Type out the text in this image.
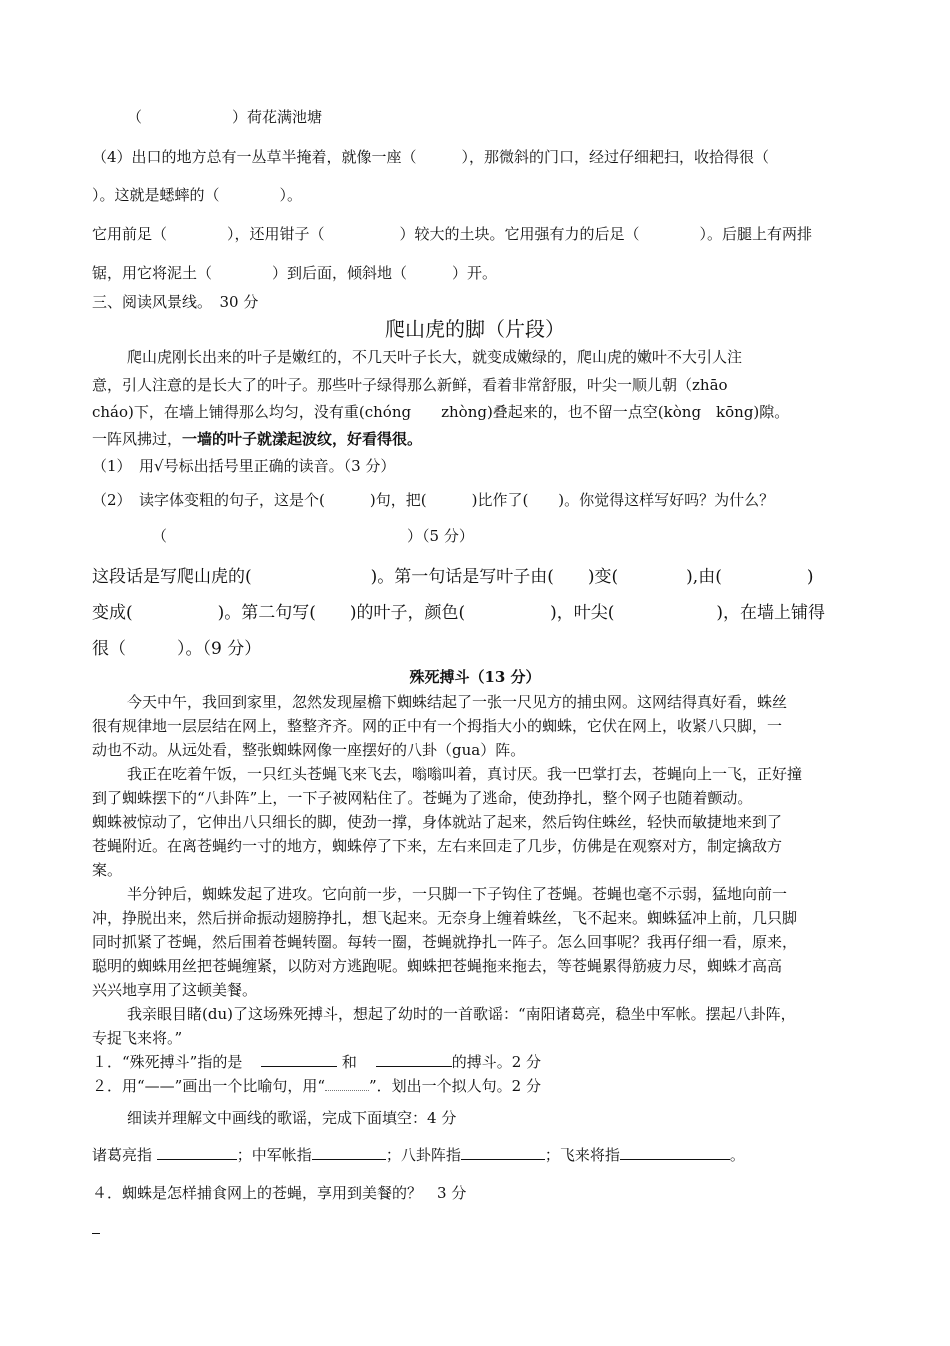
（　　　　　　）荷花满池塘
（4）出口的地方总有一丛草半掩着，就像一座（　　　），那微斜的门口，经过仔细耙扫，收拾得很（
）。这就是蟋蟀的（　　　　）。
它用前足（　　　　），还用钳子（　　　　　）较大的土块。它用强有力的后足（　　　　）。后腿上有两排
锯，用它将泥土（　　　　）到后面，倾斜地（　　　）开。
三、阅读风景线。　30 分
爬山虎的脚（片段）
爬山虎刚长出来的叶子是嫩红的，不几天叶子长大，就变成嫩绿的，爬山虎的嫩叶不大引人注
意，引人注意的是长大了的叶子。那些叶子绿得那么新鲜，看着非常舒服，叶尖一顺儿朝（zhāo
cháo)下，在墙上铺得那么均匀，没有重(chóng　　zhòng)叠起来的，也不留一点空(kòng　kōng)隙。
一阵风拂过，一墙的叶子就漾起波纹，好看得很。
（1）　用√号标出括号里正确的读音。（3 分）
（2）　读字体变粗的句子，这是个(　　　)句，把(　　　)比作了(　　)。你觉得这样写好吗？为什么？
（　　　　　　　　　　　　　　　　）（5 分）
这段话是写爬山虎的(　　　　　　　)。第一句话是写叶子由(　　)变(　　　　),由(　　　　　)
变成(　　　　　)。第二句写(　　)的叶子，颜色(　　　　　)，叶尖(　　　　　　)，在墙上铺得
很（　　　）。（9 分）
殊死搏斗（13 分）
今天中午，我回到家里，忽然发现屋檐下蜘蛛结起了一张一尺见方的捕虫网。这网结得真好看，蛛丝
很有规律地一层层结在网上，整整齐齐。网的正中有一个拇指大小的蜘蛛，它伏在网上，收紧八只脚，一
动也不动。从远处看，整张蜘蛛网像一座摆好的八卦（gua）阵。
我正在吃着午饭，一只红头苍蝇飞来飞去，嗡嗡叫着，真讨厌。我一巴掌打去，苍蝇向上一飞，正好撞
到了蜘蛛摆下的“八卦阵”上，一下子被网粘住了。苍蝇为了逃命，使劲挣扎，整个网子也随着颤动。
蜘蛛被惊动了，它伸出八只细长的脚，使劲一撑，身体就站了起来，然后钩住蛛丝，轻快而敏捷地来到了
苍蝇附近。在离苍蝇约一寸的地方，蜘蛛停了下来，左右来回走了几步，仿佛是在观察对方，制定擒敌方
案。
半分钟后，蜘蛛发起了进攻。它向前一步，一只脚一下子钩住了苍蝇。苍蝇也毫不示弱，猛地向前一
冲，挣脱出来，然后拼命振动翅膀挣扎，想飞起来。无奈身上缠着蛛丝，飞不起来。蜘蛛猛冲上前，几只脚
同时抓紧了苍蝇，然后围着苍蝇转圈。每转一圈，苍蝇就挣扎一阵子。怎么回事呢？我再仔细一看，原来，
聪明的蜘蛛用丝把苍蝇缠紧，以防对方逃跑呢。蜘蛛把苍蝇拖来拖去，等苍蝇累得筋疲力尽，蜘蛛才高高
兴兴地享用了这顿美餐。
我亲眼目睹(du)了这场殊死搏斗，想起了幼时的一首歌谣：“南阳诸葛亮，稳坐中军帐。摆起八卦阵，
专捉飞来将。”
１．“殊死搏斗”指的是	和	的搏斗。2 分
２．用“——”画出一个比喻句，用“	”．划出一个拟人句。2 分
细读并理解文中画线的歌谣，完成下面填空：4 分
诸葛亮指	；中军帐指	；八卦阵指	；飞来将指	。
４．蜘蛛是怎样捕食网上的苍蝇，享用到美餐的？　3 分
